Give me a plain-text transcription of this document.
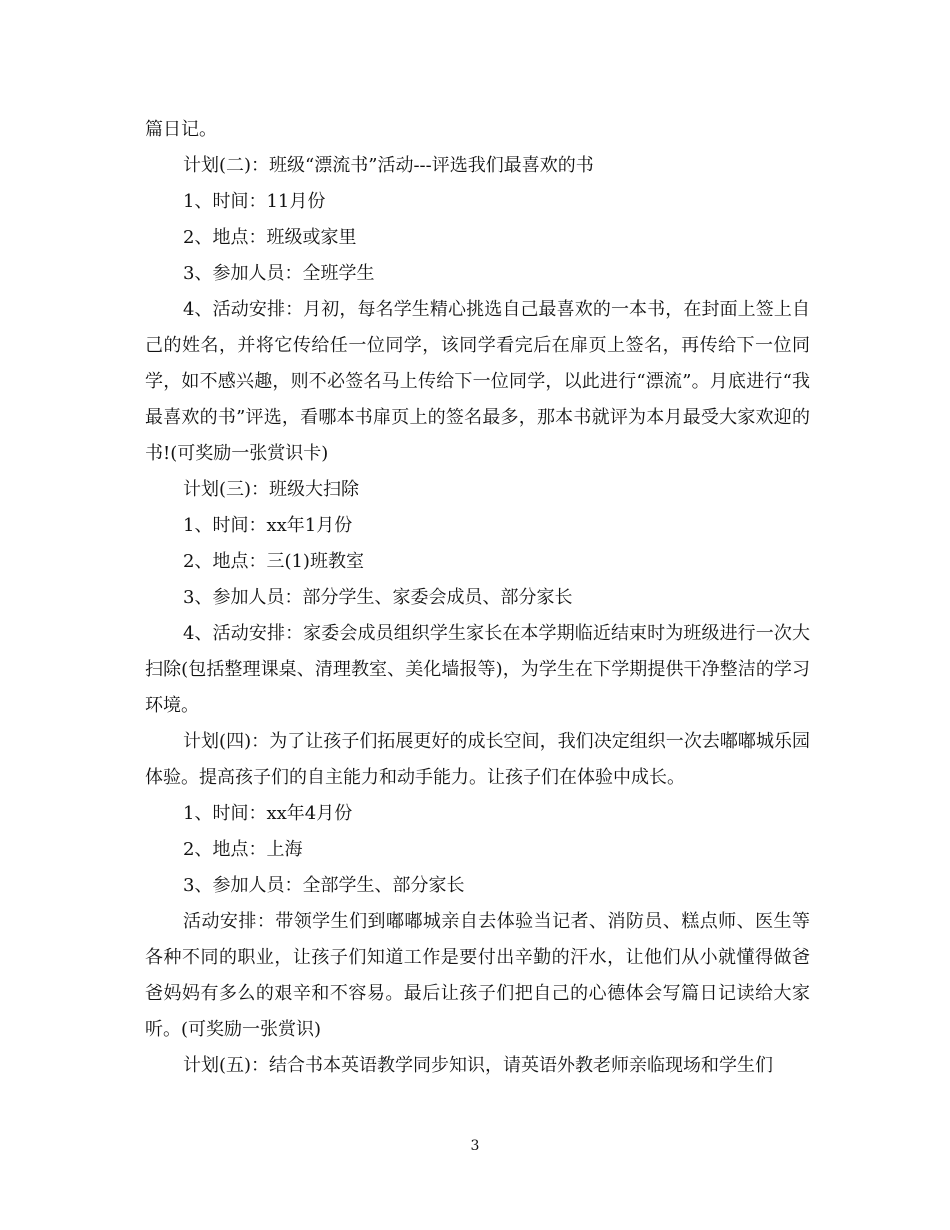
篇日记。

计划(二)：班级“漂流书”活动---评选我们最喜欢的书

1、时间：11月份

2、地点：班级或家里

3、参加人员：全班学生

4、活动安排：月初，每名学生精心挑选自己最喜欢的一本书，在封面上签上自己的姓名，并将它传给任一位同学，该同学看完后在扉页上签名，再传给下一位同学，如不感兴趣，则不必签名马上传给下一位同学，以此进行“漂流”。月底进行“我最喜欢的书”评选，看哪本书扉页上的签名最多，那本书就评为本月最受大家欢迎的书!(可奖励一张赏识卡)

计划(三)：班级大扫除

1、时间：xx年1月份

2、地点：三(1)班教室

3、参加人员：部分学生、家委会成员、部分家长

4、活动安排：家委会成员组织学生家长在本学期临近结束时为班级进行一次大扫除(包括整理课桌、清理教室、美化墙报等)，为学生在下学期提供干净整洁的学习环境。

计划(四)：为了让孩子们拓展更好的成长空间，我们决定组织一次去嘟嘟城乐园体验。提高孩子们的自主能力和动手能力。让孩子们在体验中成长。

1、时间：xx年4月份

2、地点：上海

3、参加人员：全部学生、部分家长

活动安排：带领学生们到嘟嘟城亲自去体验当记者、消防员、糕点师、医生等各种不同的职业，让孩子们知道工作是要付出辛勤的汗水，让他们从小就懂得做爸爸妈妈有多么的艰辛和不容易。最后让孩子们把自己的心德体会写篇日记读给大家听。(可奖励一张赏识)

计划(五)：结合书本英语教学同步知识，请英语外教老师亲临现场和学生们

3
